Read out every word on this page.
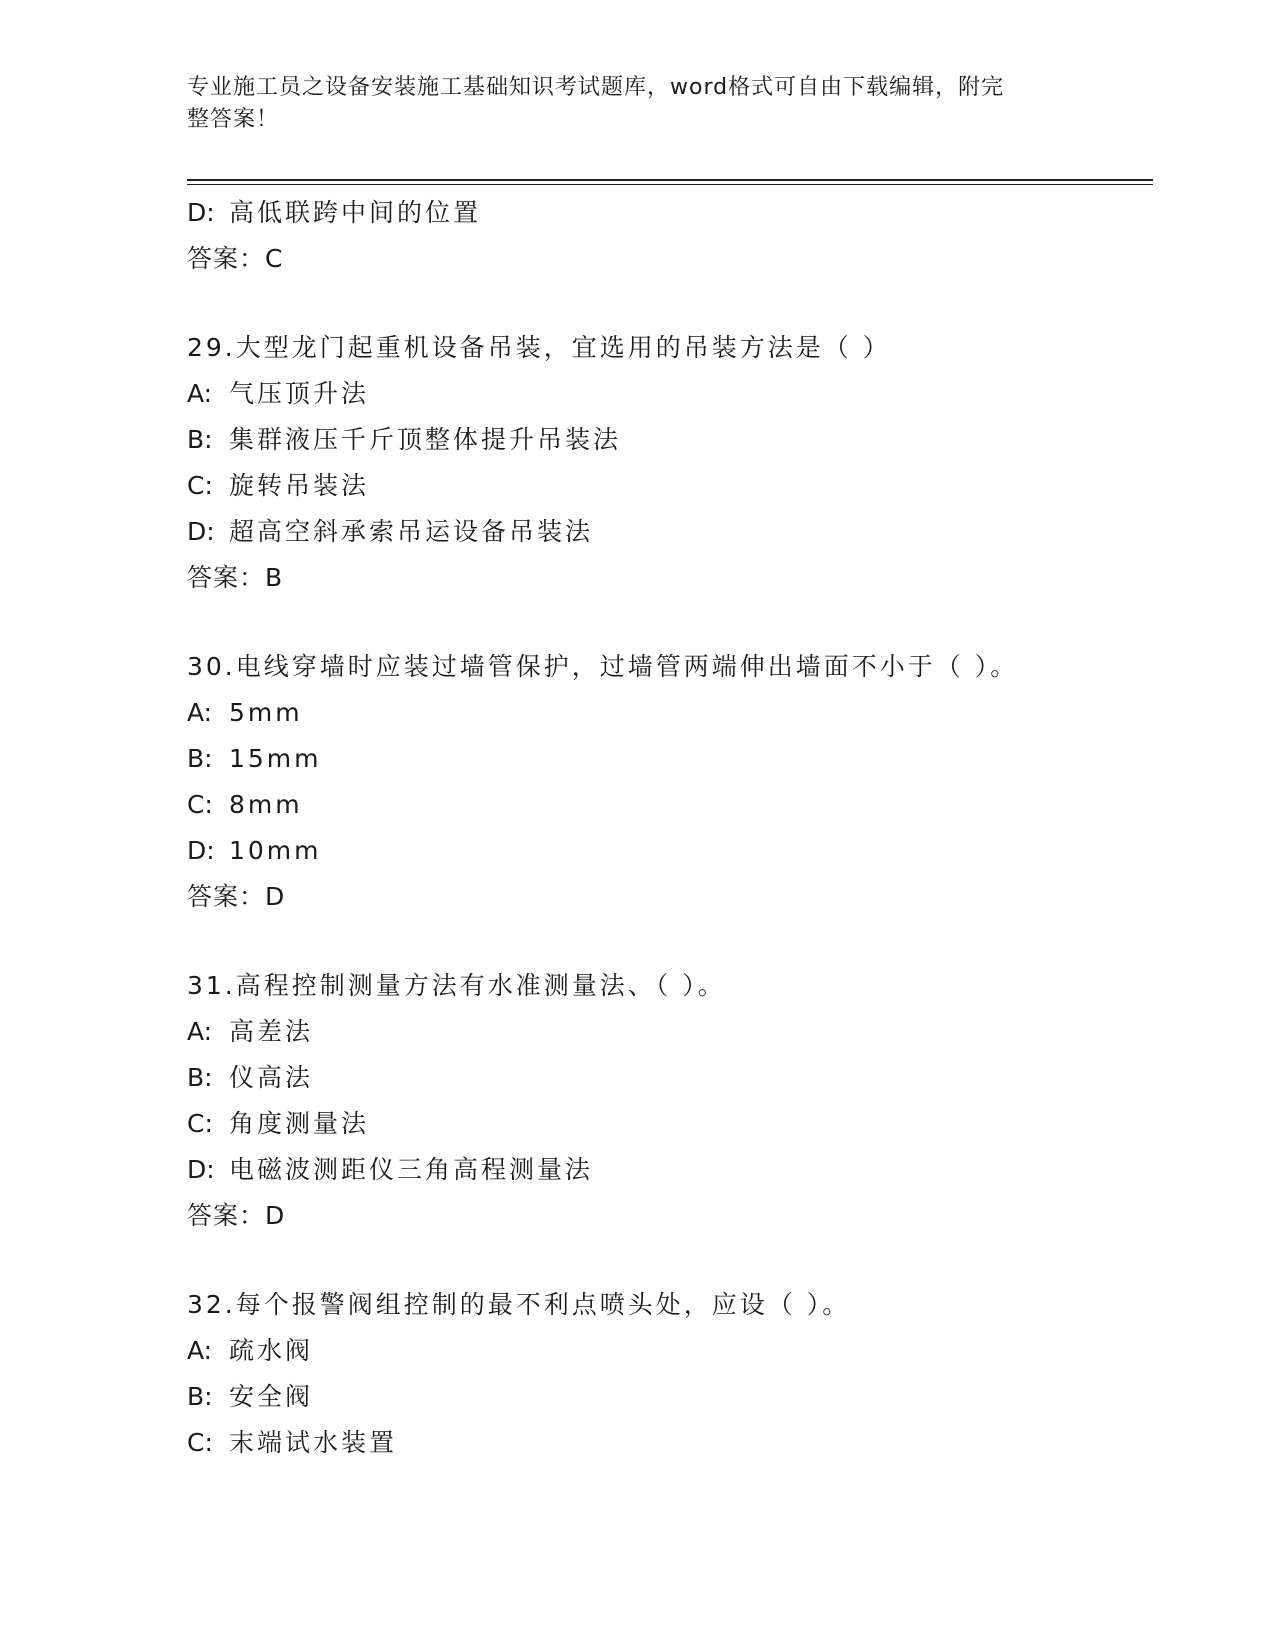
专业施工员之设备安装施工基础知识考试题库，word格式可自由下载编辑，附完
整答案！
D: 高低联跨中间的位置
答案：C
29.大型龙门起重机设备吊装，宜选用的吊装方法是（ ）
A: 气压顶升法
B: 集群液压千斤顶整体提升吊装法
C: 旋转吊装法
D: 超高空斜承索吊运设备吊装法
答案：B
30.电线穿墙时应装过墙管保护，过墙管两端伸出墙面不小于（ ）。
A: 5mm
B: 15mm
C: 8mm
D: 10mm
答案：D
31.高程控制测量方法有水准测量法、（ ）。
A: 高差法
B: 仪高法
C: 角度测量法
D: 电磁波测距仪三角高程测量法
答案：D
32.每个报警阀组控制的最不利点喷头处，应设（ ）。
A: 疏水阀
B: 安全阀
C: 末端试水装置
